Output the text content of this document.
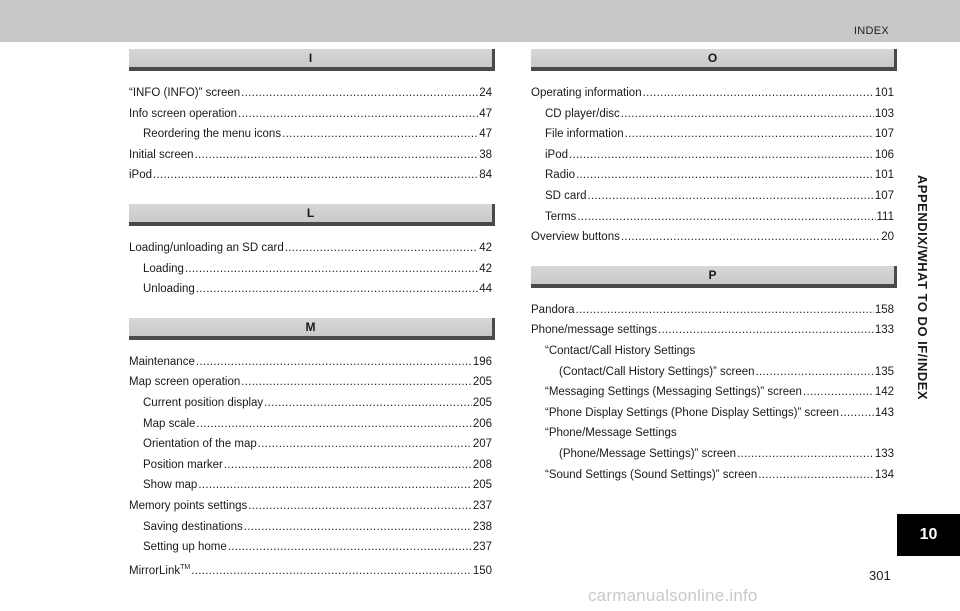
INDEX
I
“INFO (INFO)” screen .....	24
Info screen operation .....	47
Reordering the menu icons .....	47
Initial screen .....	38
iPod .....	84
L
Loading/unloading an SD card .....	42
Loading .....	42
Unloading .....	44
M
Maintenance .....	196
Map screen operation .....	205
Current position display .....	205
Map scale .....	206
Orientation of the map .....	207
Position marker .....	208
Show map .....	205
Memory points settings .....	237
Saving destinations .....	238
Setting up home .....	237
MirrorLink™ .....	150
O
Operating information .....	101
CD player/disc .....	103
File information .....	107
iPod .....	106
Radio .....	101
SD card .....	107
Terms .....	111
Overview buttons .....	20
P
Pandora .....	158
Phone/message settings .....	133
“Contact/Call History Settings
(Contact/Call History Settings)” screen .....	135
“Messaging Settings (Messaging Settings)” screen .....	142
“Phone Display Settings (Phone Display Settings)” screen .....	143
“Phone/Message Settings
(Phone/Message Settings)” screen .....	133
“Sound Settings (Sound Settings)” screen .....	134
APPENDIX/WHAT TO DO IF/INDEX
10
301
carmanualsonline.info
